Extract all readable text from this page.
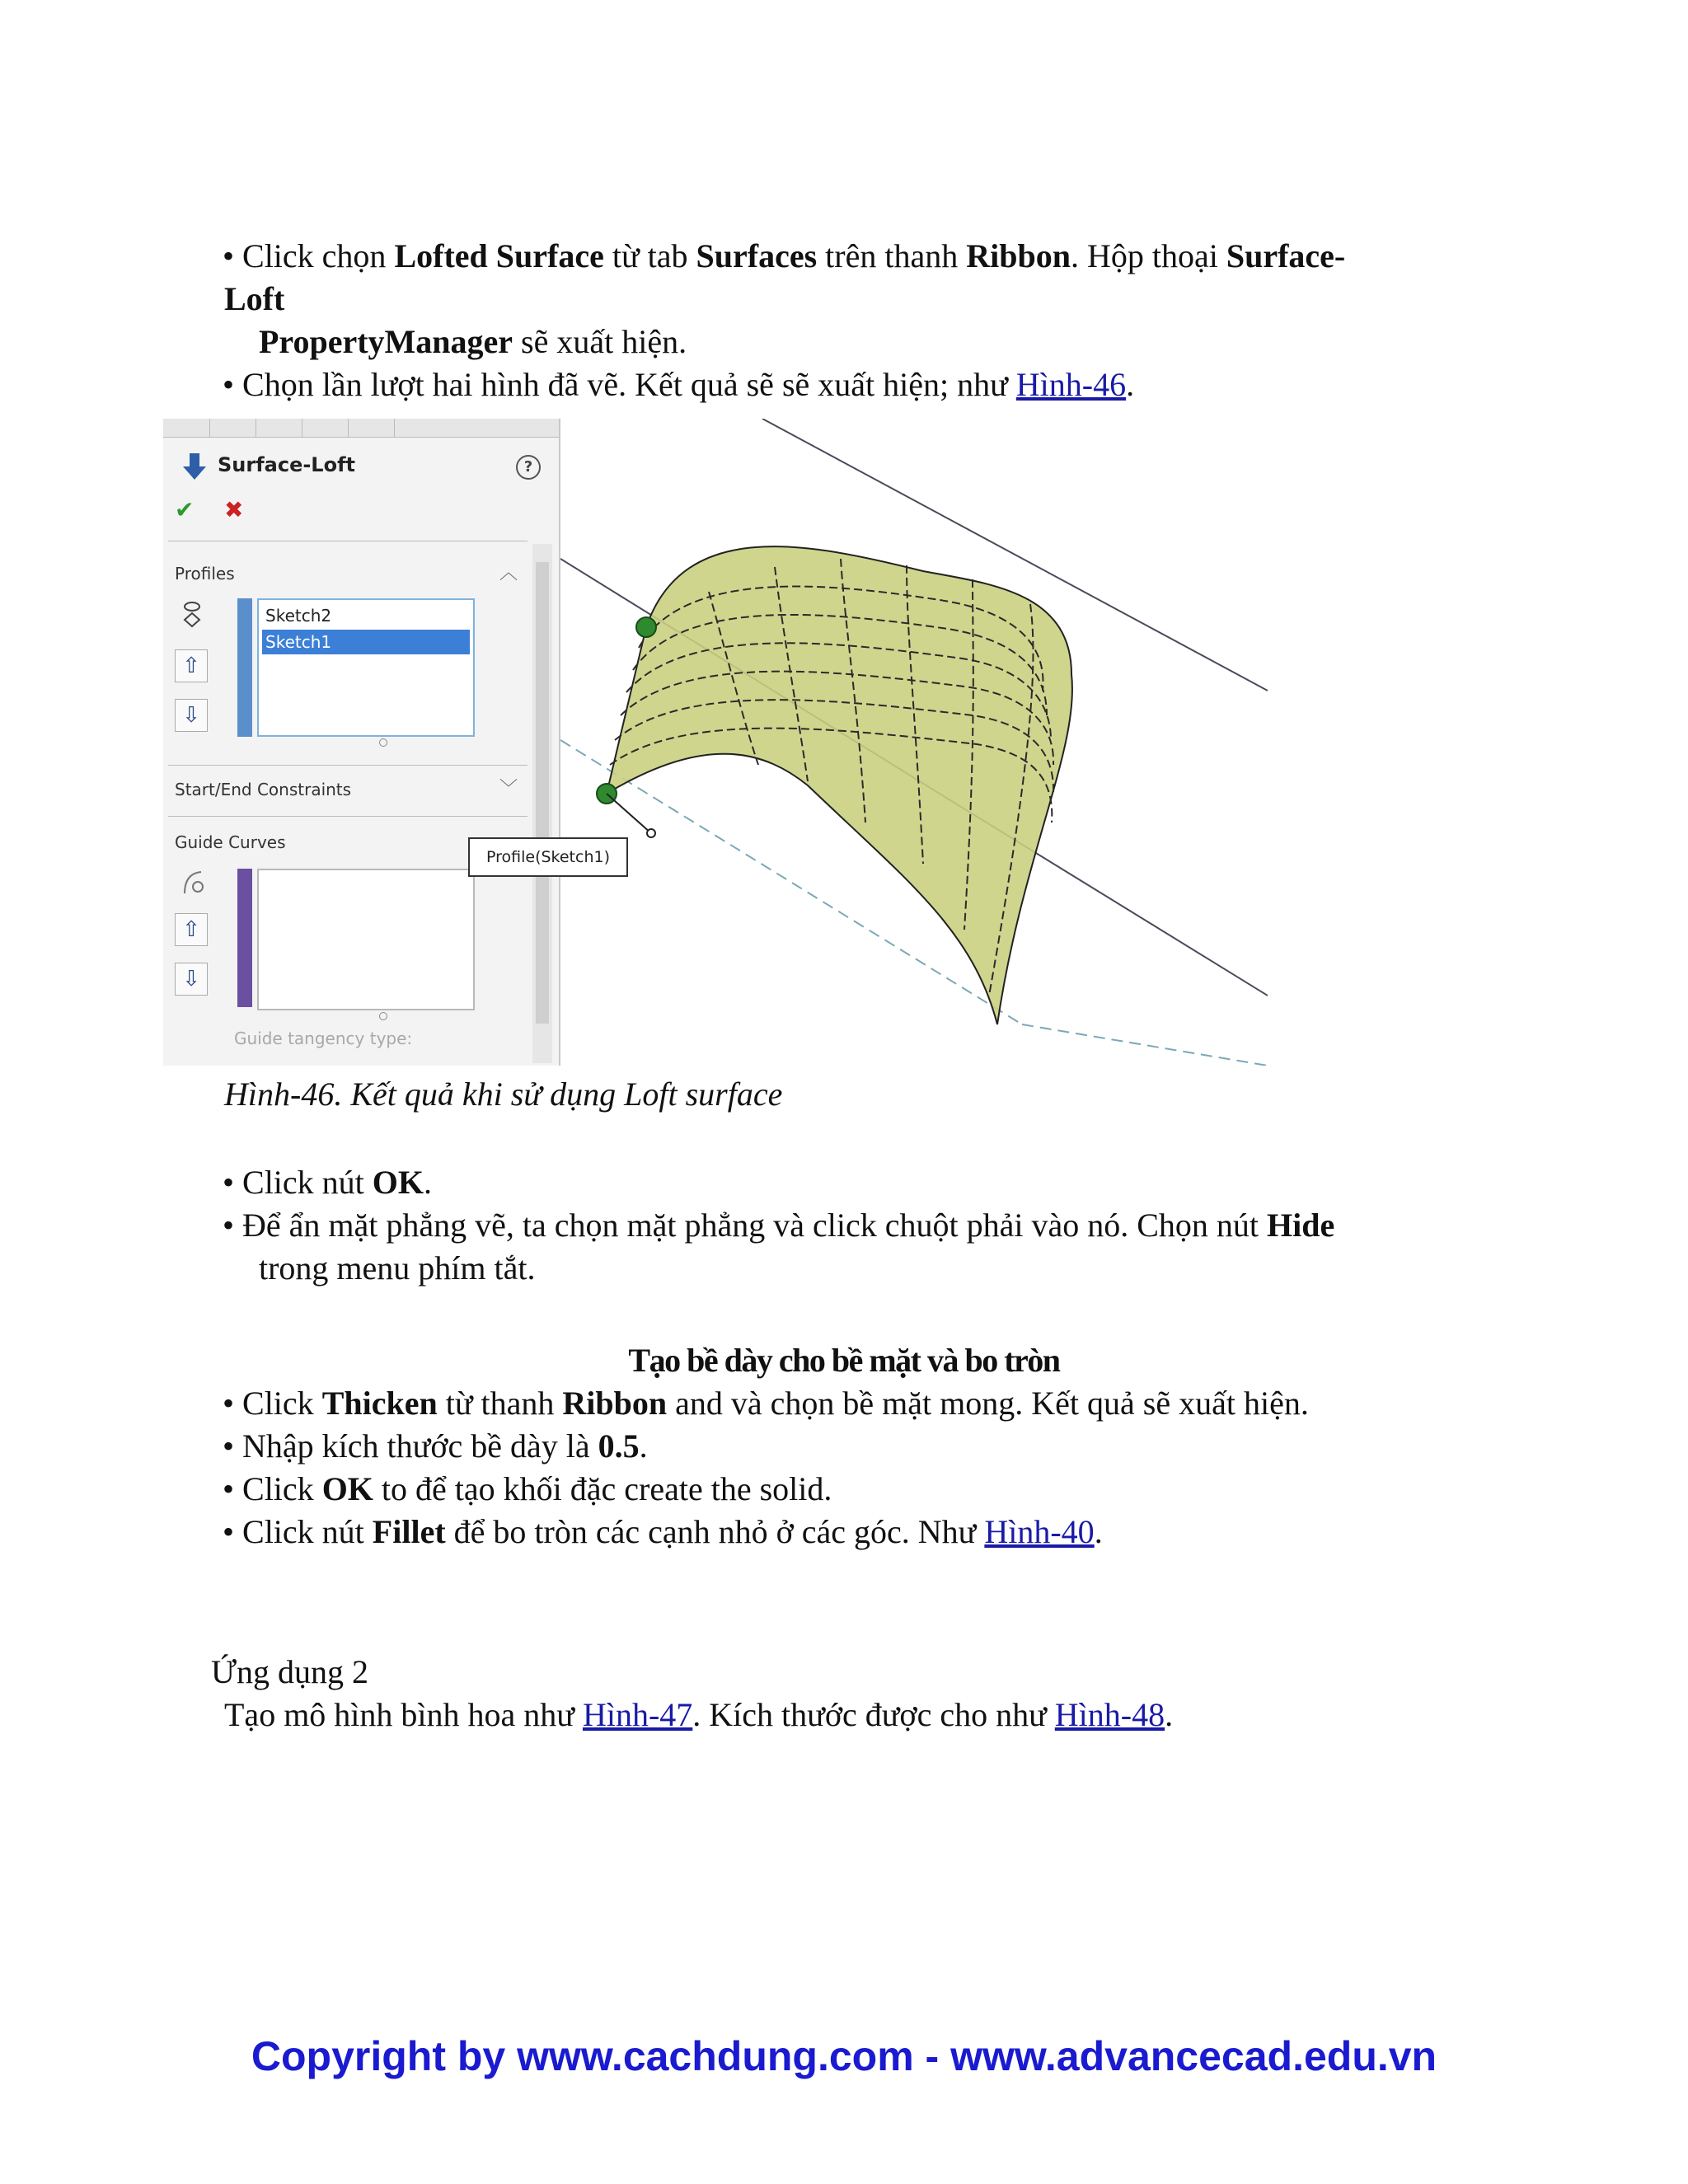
• Click chọn Lofted Surface từ tab Surfaces trên thanh Ribbon. Hộp thoại Surface-
Loft
PropertyManager sẽ xuất hiện.
• Chọn lần lượt hai hình đã vẽ. Kết quả sẽ sẽ xuất hiện; như Hình-46.
Surface-Loft	?
✔ ✖
Profiles	︿
⇧
⇩
Sketch2
Sketch1
Start/End Constraints	﹀
Guide Curves
⇧
⇩
Guide tangency type:
Profile(Sketch1)
Hình-46. Kết quả khi sử dụng Loft surface
• Click nút OK.
• Để ẩn mặt phẳng vẽ, ta chọn mặt phẳng và click chuột phải vào nó. Chọn nút Hide
trong menu phím tắt.
Tạo bề dày cho bề mặt và bo tròn
• Click Thicken từ thanh Ribbon and và chọn bề mặt mong. Kết quả sẽ xuất hiện.
• Nhập kích thước bề dày là 0.5.
• Click OK to để tạo khối đặc create the solid.
• Click nút Fillet để bo tròn các cạnh nhỏ ở các góc. Như Hình-40.
Ứng dụng 2
Tạo mô hình bình hoa như Hình-47. Kích thước được cho như Hình-48.
Copyright by www.cachdung.com - www.advancecad.edu.vn
